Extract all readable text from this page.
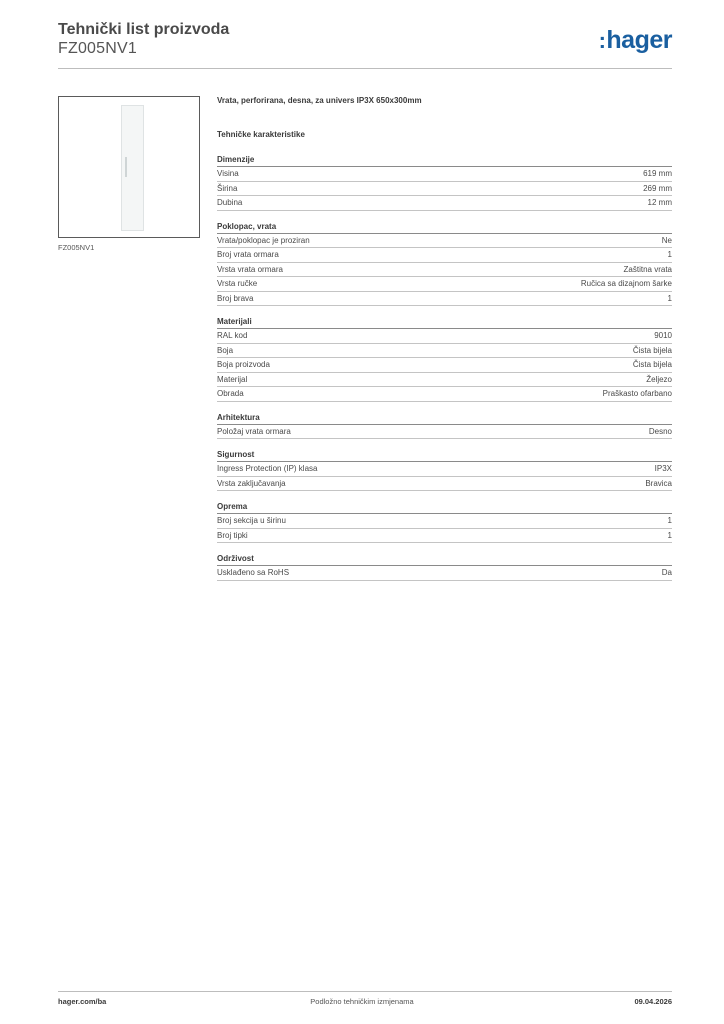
Tehnički list proizvoda
FZ005NV1	:hager
FZ005NV1
Vrata, perforirana, desna, za univers IP3X 650x300mm
Tehničke karakteristike
Dimenzije
Visina	619 mm
Širina	269 mm
Dubina	12 mm
Poklopac, vrata
Vrata/poklopac je proziran	Ne
Broj vrata ormara	1
Vrsta vrata ormara	Zaštitna vrata
Vrsta ručke	Ručica sa dizajnom šarke
Broj brava	1
Materijali
RAL kod	9010
Boja	Čista bijela
Boja proizvoda	Čista bijela
Materijal	Željezo
Obrada	Praškasto ofarbano
Arhitektura
Položaj vrata ormara	Desno
Sigurnost
Ingress Protection (IP) klasa	IP3X
Vrsta zaključavanja	Bravica
Oprema
Broj sekcija u širinu	1
Broj tipki	1
Održivost
Usklađeno sa RoHS	Da
hager.com/ba	Podložno tehničkim izmjenama	09.04.2026
